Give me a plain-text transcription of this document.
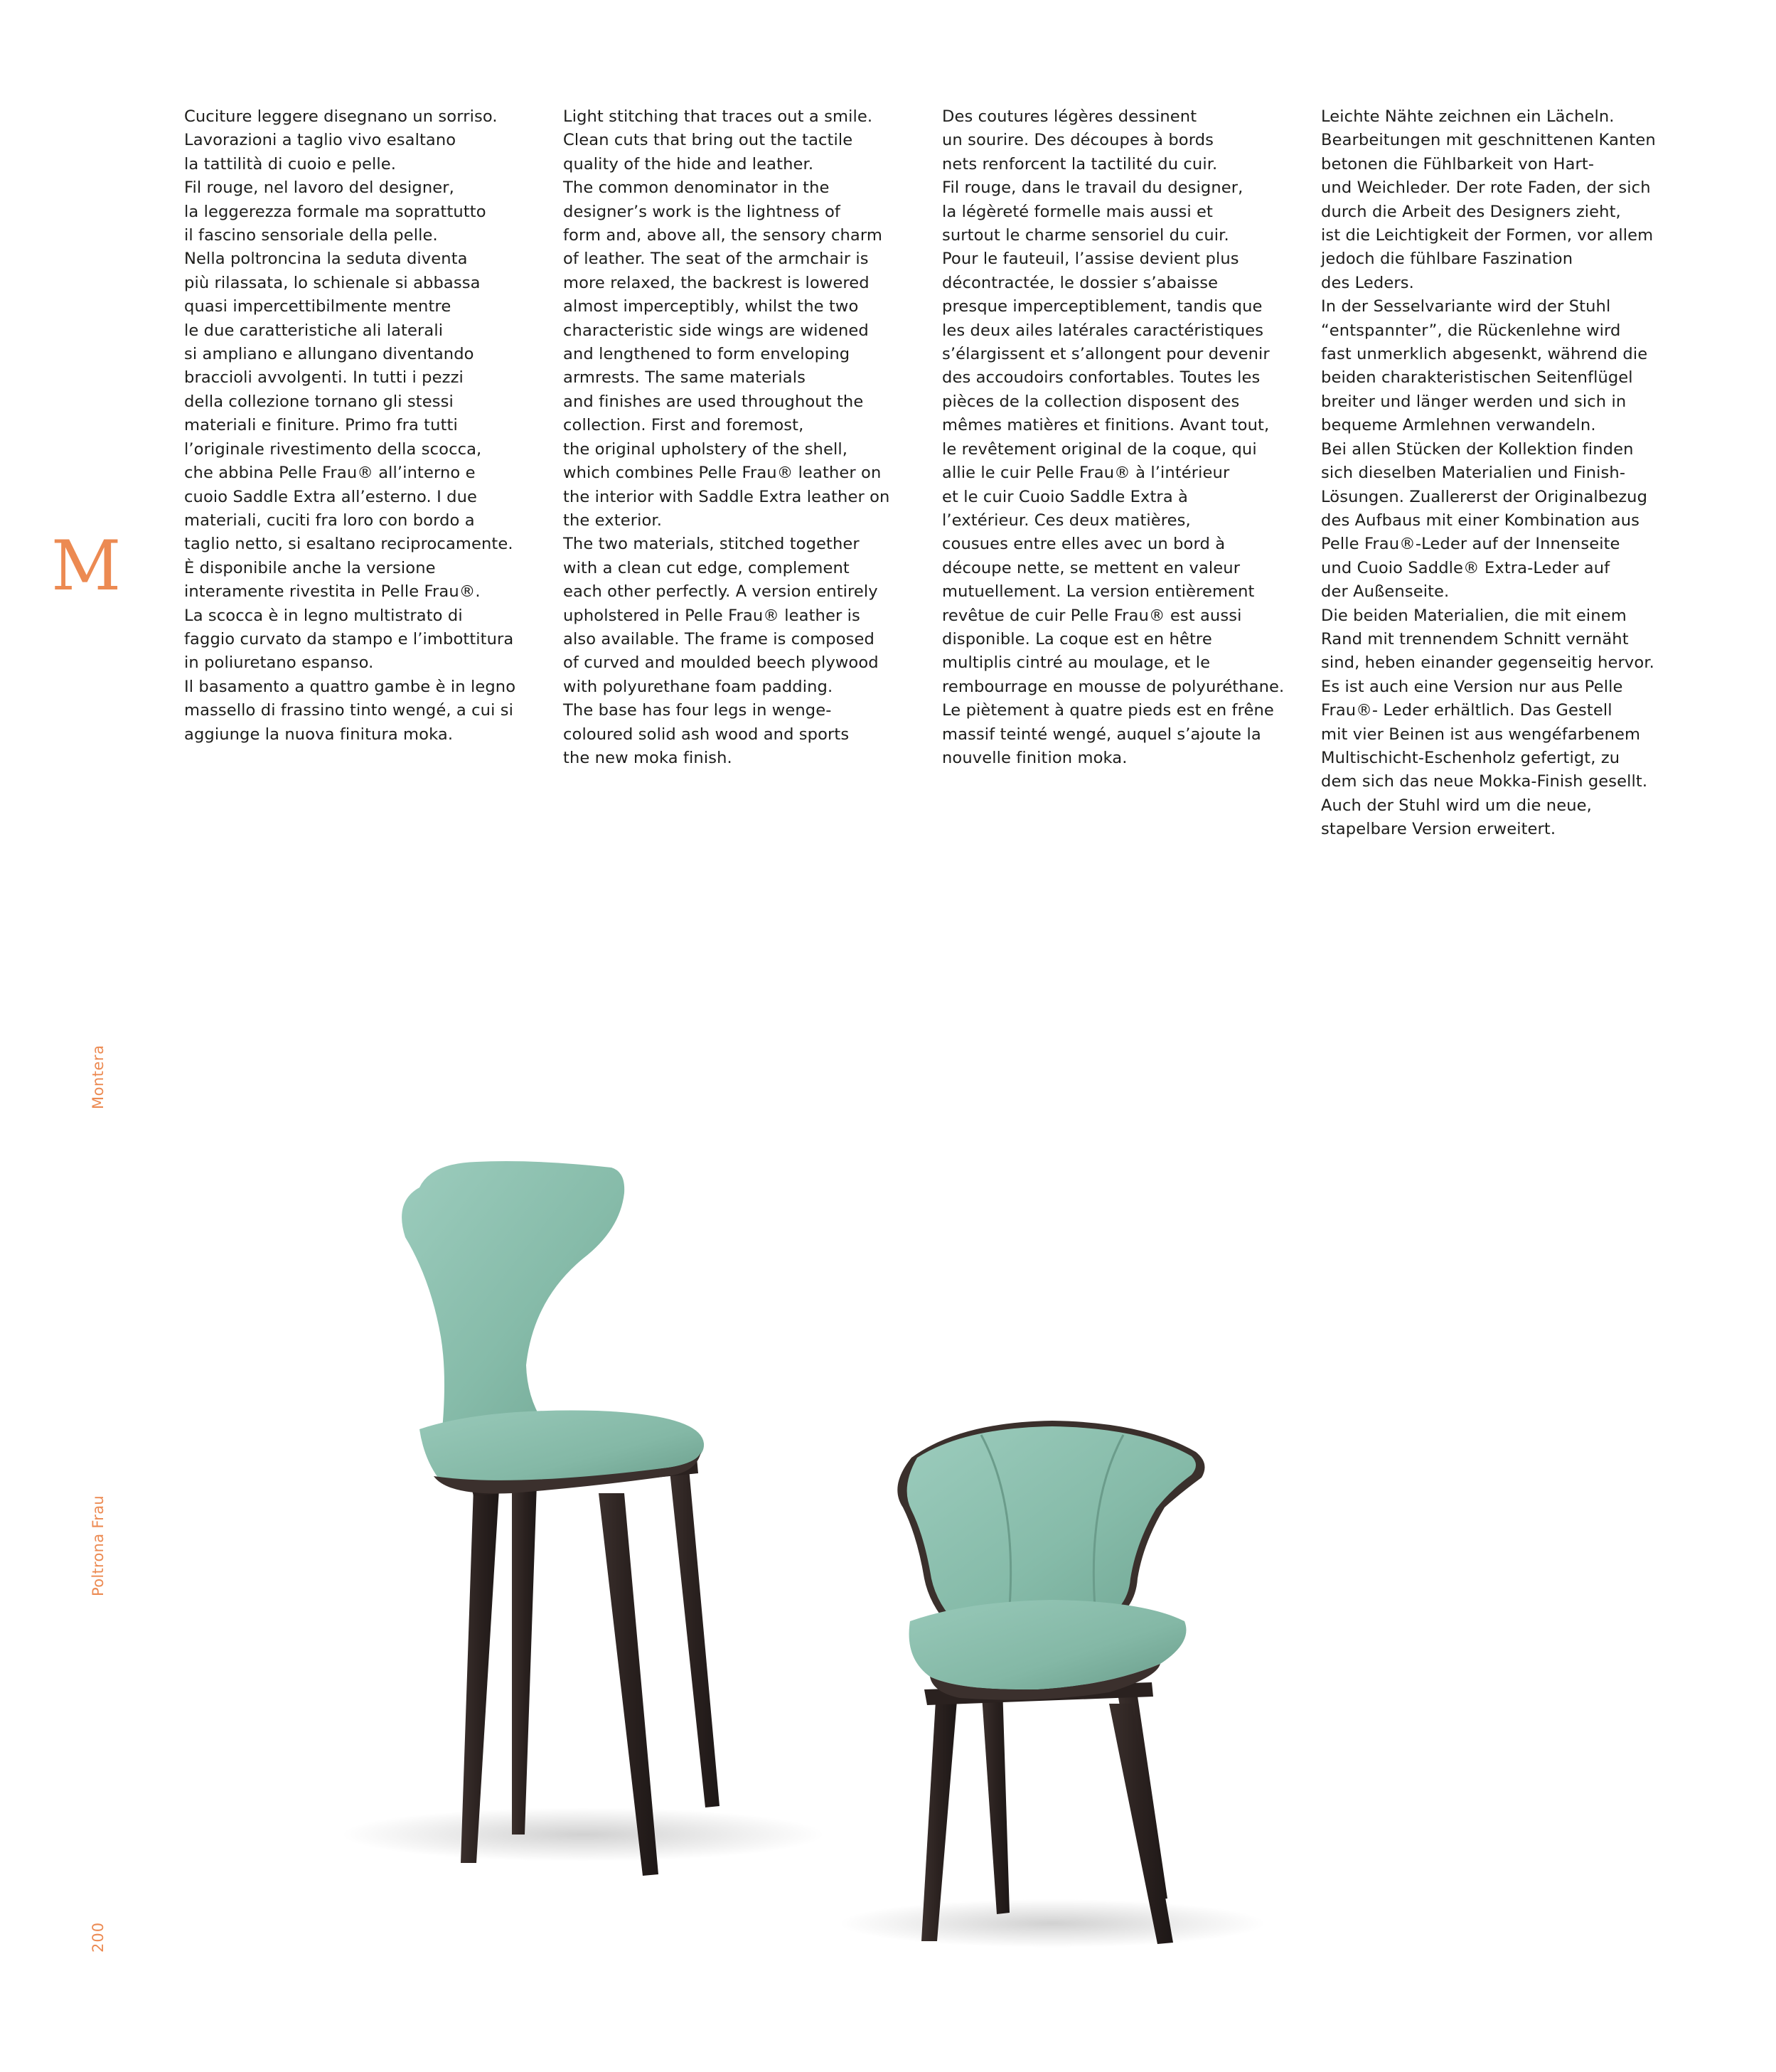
Cuciture leggere disegnano un sorriso.

Lavorazioni a taglio vivo esaltano

la tattilità di cuoio e pelle.

Fil rouge, nel lavoro del designer,

la leggerezza formale ma soprattutto

il fascino sensoriale della pelle.

Nella poltroncina la seduta diventa

più rilassata, lo schienale si abbassa

quasi impercettibilmente mentre

le due caratteristiche ali laterali

si ampliano e allungano diventando

braccioli avvolgenti. In tutti i pezzi

della collezione tornano gli stessi

materiali e finiture. Primo fra tutti

l’originale rivestimento della scocca,

che abbina Pelle Frau® all’interno e

cuoio Saddle Extra all’esterno. I due

materiali, cuciti fra loro con bordo a

taglio netto, si esaltano reciprocamente.

È disponibile anche la versione

interamente rivestita in Pelle Frau®.

La scocca è in legno multistrato di

faggio curvato da stampo e l’imbottitura

in poliuretano espanso.

Il basamento a quattro gambe è in legno

massello di frassino tinto wengé, a cui si

aggiunge la nuova finitura moka.

Light stitching that traces out a smile.

Clean cuts that bring out the tactile

quality of the hide and leather.

The common denominator in the

designer’s work is the lightness of

form and, above all, the sensory charm

of leather. The seat of the armchair is

more relaxed, the backrest is lowered

almost imperceptibly, whilst the two

characteristic side wings are widened

and lengthened to form enveloping

armrests. The same materials

and finishes are used throughout the

collection. First and foremost,

the original upholstery of the shell,

which combines Pelle Frau® leather on

the interior with Saddle Extra leather on

the exterior.

The two materials, stitched together

with a clean cut edge, complement

each other perfectly. A version entirely

upholstered in Pelle Frau® leather is

also available. The frame is composed

of curved and moulded beech plywood

with polyurethane foam padding.

The base has four legs in wenge-

coloured solid ash wood and sports

the new moka finish.

Des coutures légères dessinent

un sourire. Des découpes à bords

nets renforcent la tactilité du cuir.

Fil rouge, dans le travail du designer,

la légèreté formelle mais aussi et

surtout le charme sensoriel du cuir.

Pour le fauteuil, l’assise devient plus

décontractée, le dossier s’abaisse

presque imperceptiblement, tandis que

les deux ailes latérales caractéristiques

s’élargissent et s’allongent pour devenir

des accoudoirs confortables. Toutes les

pièces de la collection disposent des

mêmes matières et finitions. Avant tout,

le revêtement original de la coque, qui

allie le cuir Pelle Frau® à l’intérieur

et le cuir Cuoio Saddle Extra à

l’extérieur. Ces deux matières,

cousues entre elles avec un bord à

découpe nette, se mettent en valeur

mutuellement. La version entièrement

revêtue de cuir Pelle Frau® est aussi

disponible. La coque est en hêtre

multiplis cintré au moulage, et le

rembourrage en mousse de polyuréthane.

Le piètement à quatre pieds est en frêne

massif teinté wengé, auquel s’ajoute la

nouvelle finition moka.

Leichte Nähte zeichnen ein Lächeln.

Bearbeitungen mit geschnittenen Kanten

betonen die Fühlbarkeit von Hart-

und Weichleder. Der rote Faden, der sich

durch die Arbeit des Designers zieht,

ist die Leichtigkeit der Formen, vor allem

jedoch die fühlbare Faszination

des Leders.

In der Sesselvariante wird der Stuhl

“entspannter”, die Rückenlehne wird

fast unmerklich abgesenkt, während die

beiden charakteristischen Seitenflügel

breiter und länger werden und sich in

bequeme Armlehnen verwandeln.

Bei allen Stücken der Kollektion finden

sich dieselben Materialien und Finish-

Lösungen. Zuallererst der Originalbezug

des Aufbaus mit einer Kombination aus

Pelle Frau®-Leder auf der Innenseite

und Cuoio Saddle® Extra-Leder auf

der Außenseite.

Die beiden Materialien, die mit einem

Rand mit trennendem Schnitt vernäht

sind, heben einander gegenseitig hervor.

Es ist auch eine Version nur aus Pelle

Frau®- Leder erhältlich. Das Gestell

mit vier Beinen ist aus wengéfarbenem

Multischicht-Eschenholz gefertigt, zu

dem sich das neue Mokka-Finish gesellt.

Auch der Stuhl wird um die neue,

stapelbare Version erweitert.

M
Montera
Poltrona Frau
200
